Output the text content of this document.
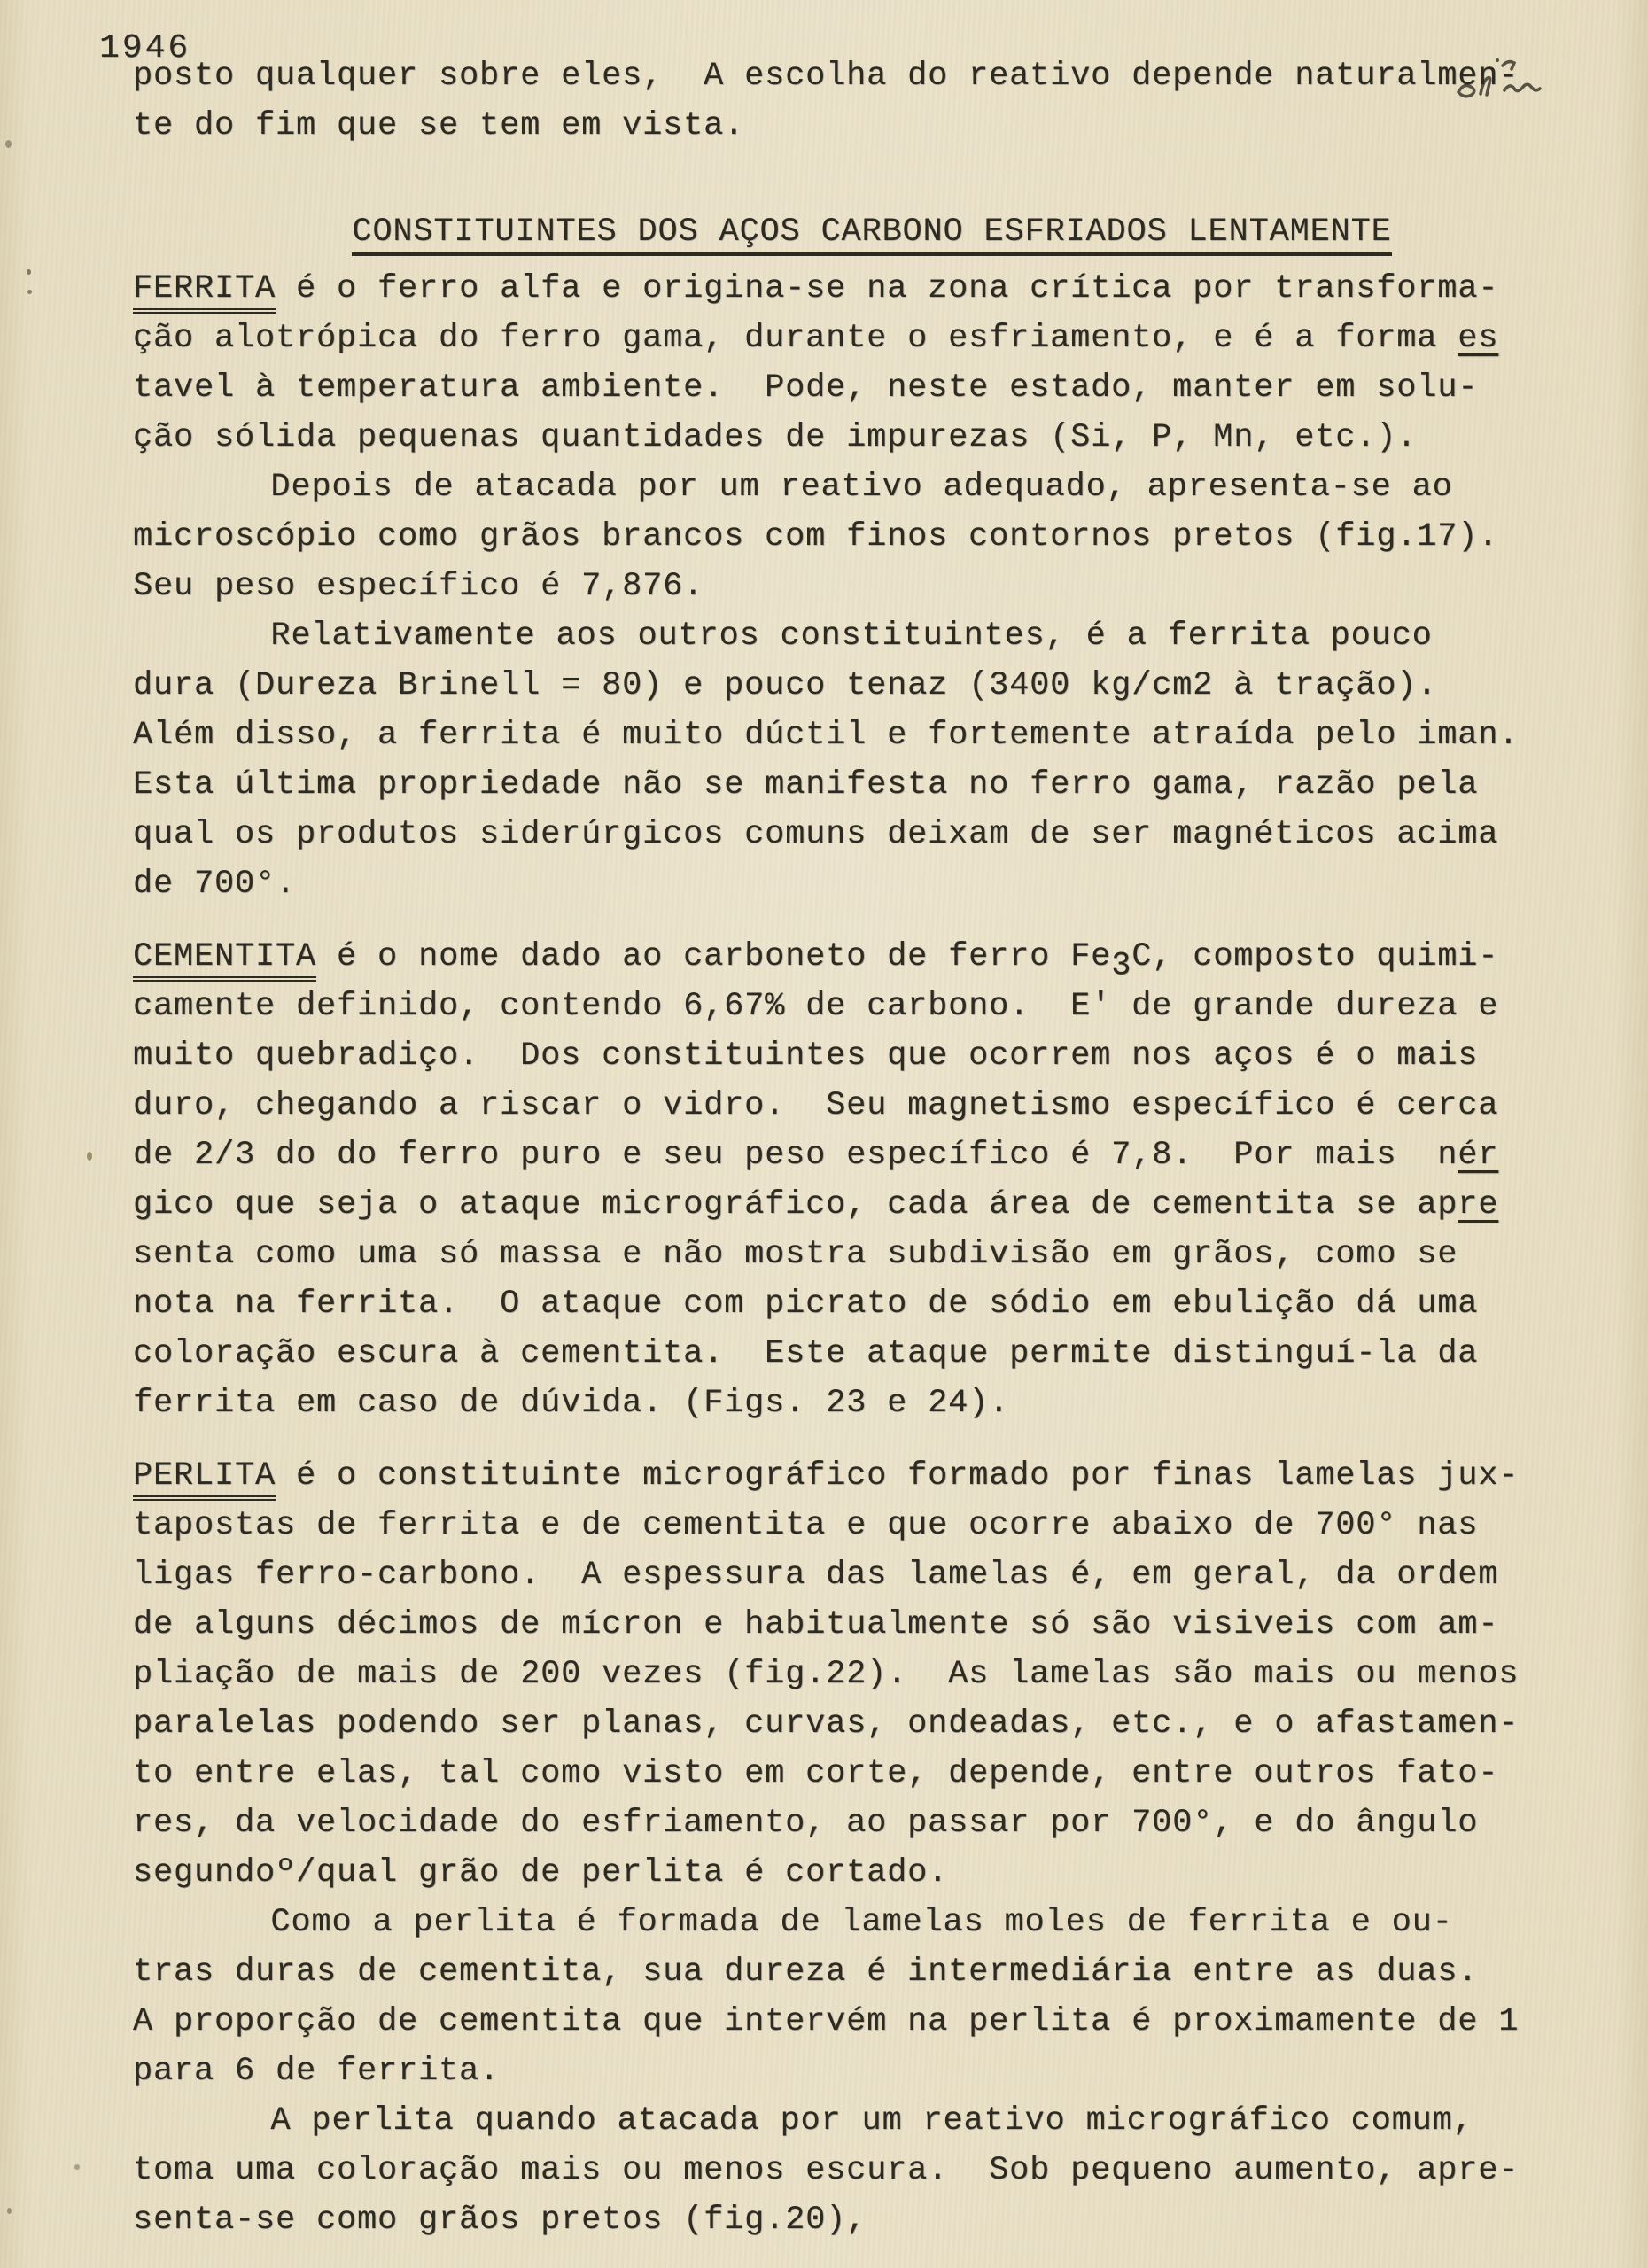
1946
posto qualquer sobre eles,  A escolha do reativo depende naturalmen-
te do fim que se tem em vista.
CONSTITUINTES DOS AÇOS CARBONO ESFRIADOS LENTAMENTE
FERRITA é o ferro alfa e origina-se na zona crítica por transforma-
ção alotrópica do ferro gama, durante o esfriamento, e é a forma es
tavel à temperatura ambiente.  Pode, neste estado, manter em solu-
ção sólida pequenas quantidades de impurezas (Si, P, Mn, etc.).
Depois de atacada por um reativo adequado, apresenta-se ao
microscópio como grãos brancos com finos contornos pretos (fig.17).
Seu peso específico é 7,876.
Relativamente aos outros constituintes, é a ferrita pouco
dura (Dureza Brinell = 80) e pouco tenaz (3400 kg/cm2 à tração).
Além disso, a ferrita é muito dúctil e fortemente atraída pelo iman.
Esta última propriedade não se manifesta no ferro gama, razão pela
qual os produtos siderúrgicos comuns deixam de ser magnéticos acima
de 700°.
CEMENTITA é o nome dado ao carboneto de ferro Fe3C, composto quimi-
camente definido, contendo 6,67% de carbono.  E' de grande dureza e
muito quebradiço.  Dos constituintes que ocorrem nos aços é o mais
duro, chegando a riscar o vidro.  Seu magnetismo específico é cerca
de 2/3 do do ferro puro e seu peso específico é 7,8.  Por mais  nér
gico que seja o ataque micrográfico, cada área de cementita se apre
senta como uma só massa e não mostra subdivisão em grãos, como se
nota na ferrita.  O ataque com picrato de sódio em ebulição dá uma
coloração escura à cementita.  Este ataque permite distinguí-la da
ferrita em caso de dúvida. (Figs. 23 e 24).
PERLITA é o constituinte micrográfico formado por finas lamelas jux-
tapostas de ferrita e de cementita e que ocorre abaixo de 700° nas
ligas ferro-carbono.  A espessura das lamelas é, em geral, da ordem
de alguns décimos de mícron e habitualmente só são visiveis com am-
pliação de mais de 200 vezes (fig.22).  As lamelas são mais ou menos
paralelas podendo ser planas, curvas, ondeadas, etc., e o afastamen-
to entre elas, tal como visto em corte, depende, entre outros fato-
res, da velocidade do esfriamento, ao passar por 700°, e do ângulo
segundoº/qual grão de perlita é cortado.
Como a perlita é formada de lamelas moles de ferrita e ou-
tras duras de cementita, sua dureza é intermediária entre as duas.
A proporção de cementita que intervém na perlita é proximamente de 1
para 6 de ferrita.
A perlita quando atacada por um reativo micrográfico comum,
toma uma coloração mais ou menos escura.  Sob pequeno aumento, apre-
senta-se como grãos pretos (fig.20),
